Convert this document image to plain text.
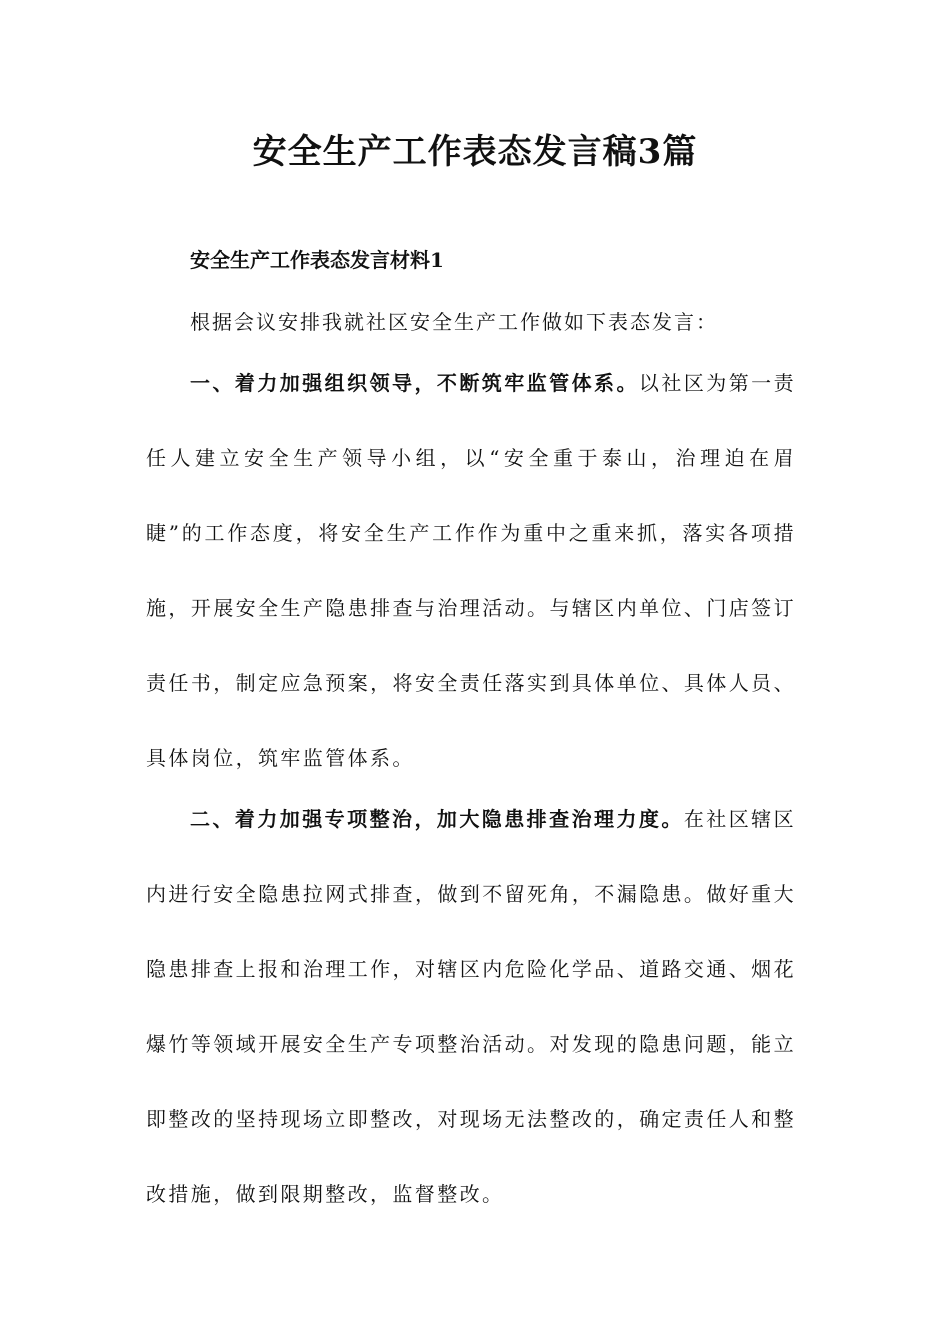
安全生产工作表态发言稿3篇

安全生产工作表态发言材料1

根据会议安排我就社区安全生产工作做如下表态发言：

一、着力加强组织领导，不断筑牢监管体系。以社区为第一责任人建立安全生产领导小组，以“安全重于泰山，治理迫在眉睫”的工作态度，将安全生产工作作为重中之重来抓，落实各项措施，开展安全生产隐患排查与治理活动。与辖区内单位、门店签订责任书，制定应急预案，将安全责任落实到具体单位、具体人员、具体岗位，筑牢监管体系。

二、着力加强专项整治，加大隐患排查治理力度。在社区辖区内进行安全隐患拉网式排查，做到不留死角，不漏隐患。做好重大隐患排查上报和治理工作，对辖区内危险化学品、道路交通、烟花爆竹等领域开展安全生产专项整治活动。对发现的隐患问题，能立即整改的坚持现场立即整改，对现场无法整改的，确定责任人和整改措施，做到限期整改，监督整改。
